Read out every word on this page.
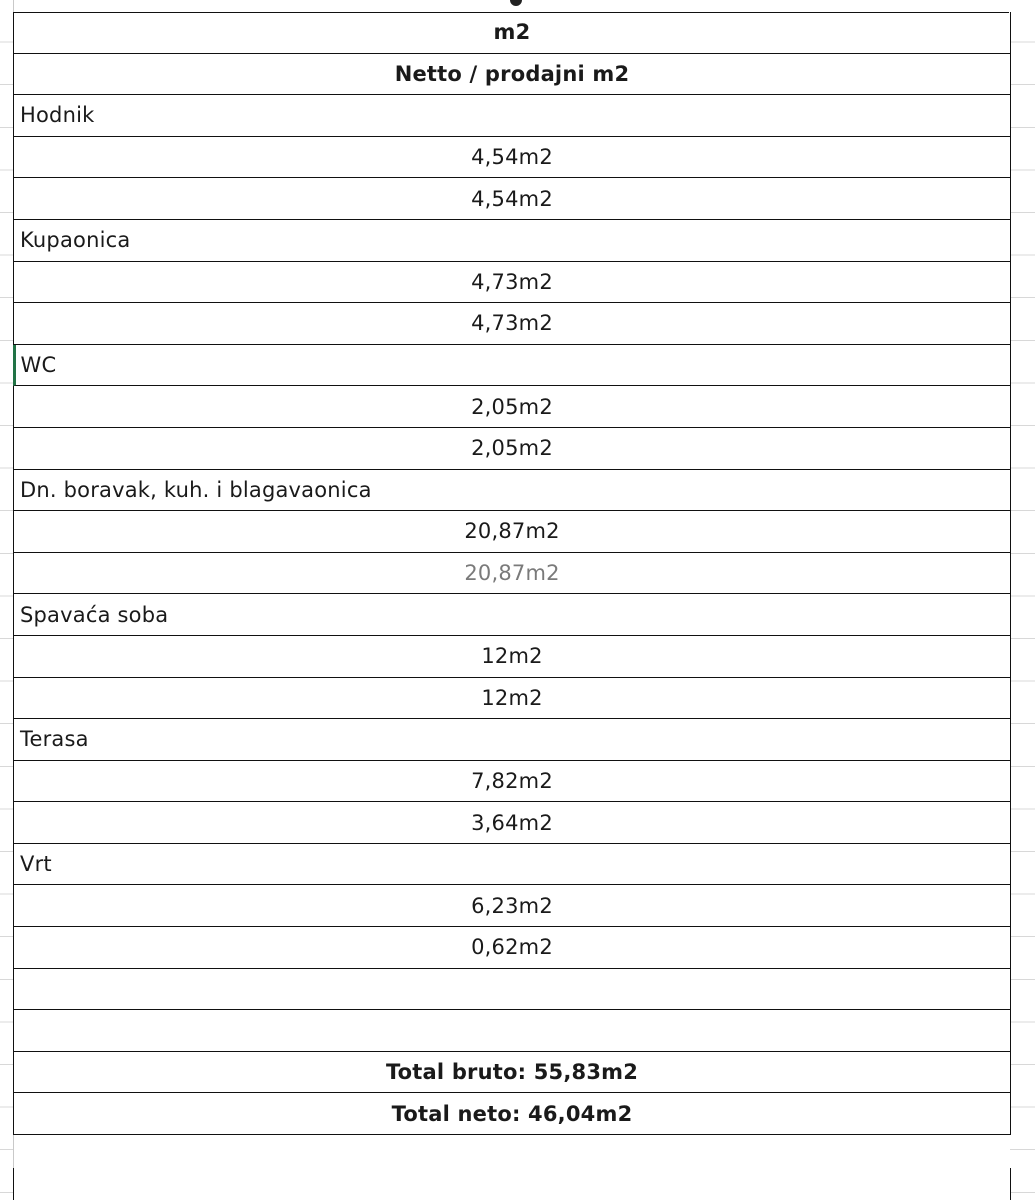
m2
Netto / prodajni m2
Hodnik
4,54m2
4,54m2
Kupaonica
4,73m2
4,73m2
WC
2,05m2
2,05m2
Dn. boravak, kuh. i blagavaonica
20,87m2
20,87m2
Spavaća soba
12m2
12m2
Terasa
7,82m2
3,64m2
Vrt
6,23m2
0,62m2
Total bruto: 55,83m2
Total neto: 46,04m2
